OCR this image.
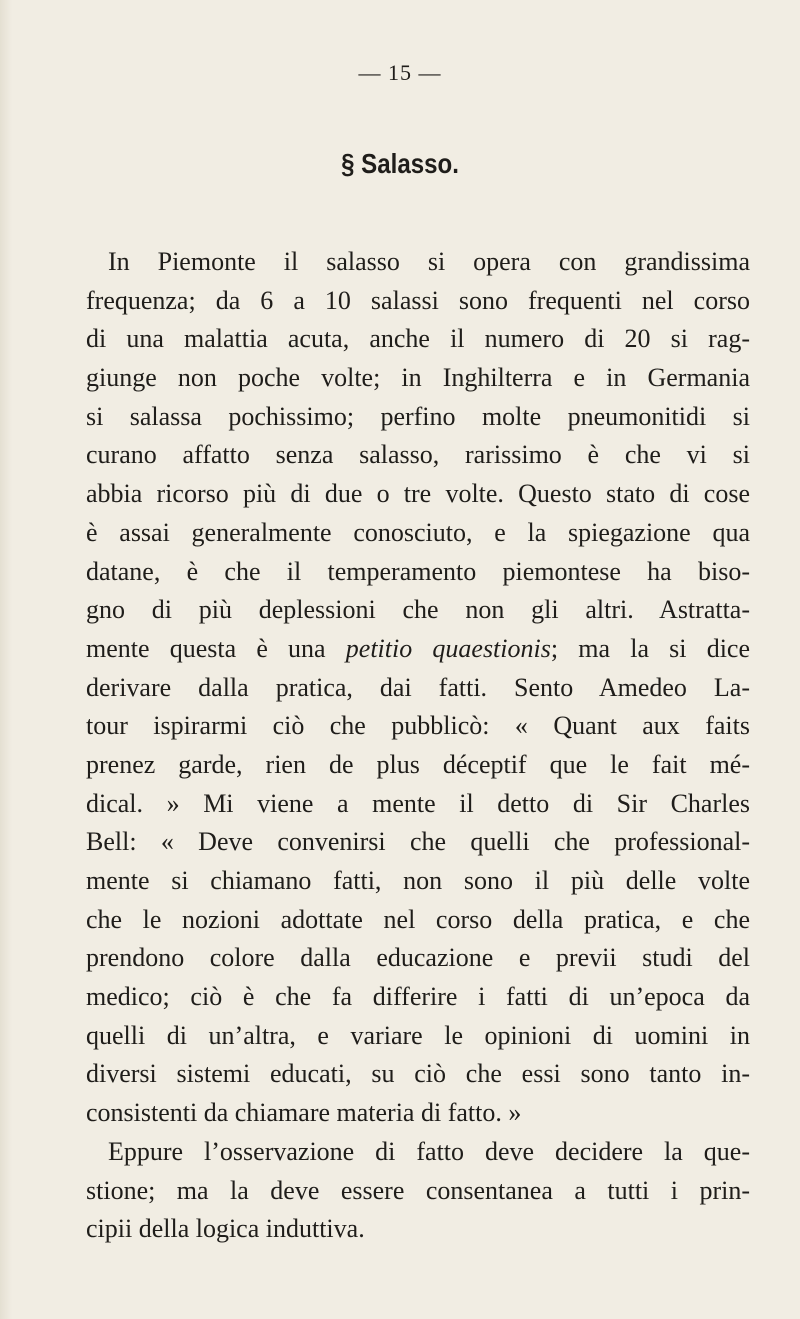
— 15 —
§ Salasso.
In Piemonte il salasso si opera con grandissima
frequenza; da 6 a 10 salassi sono frequenti nel corso
di una malattia acuta, anche il numero di 20 si rag-
giunge non poche volte; in Inghilterra e in Germania
si salassa pochissimo; perfino molte pneumonitidi si
curano affatto senza salasso, rarissimo è che vi si
abbia ricorso più di due o tre volte. Questo stato di cose
è assai generalmente conosciuto, e la spiegazione qua
datane, è che il temperamento piemontese ha biso-
gno di più deplessioni che non gli altri. Astratta-
mente questa è una petitio quaestionis; ma la si dice
derivare dalla pratica, dai fatti. Sento Amedeo La-
tour ispirarmi ciò che pubblicò: « Quant aux faits
prenez garde, rien de plus déceptif que le fait mé-
dical. » Mi viene a mente il detto di Sir Charles
Bell: « Deve convenirsi che quelli che professional-
mente si chiamano fatti, non sono il più delle volte
che le nozioni adottate nel corso della pratica, e che
prendono colore dalla educazione e previi studi del
medico; ciò è che fa differire i fatti di un’epoca da
quelli di un’altra, e variare le opinioni di uomini in
diversi sistemi educati, su ciò che essi sono tanto in-
consistenti da chiamare materia di fatto. »
Eppure l’osservazione di fatto deve decidere la que-
stione; ma la deve essere consentanea a tutti i prin-
cipii della logica induttiva.
